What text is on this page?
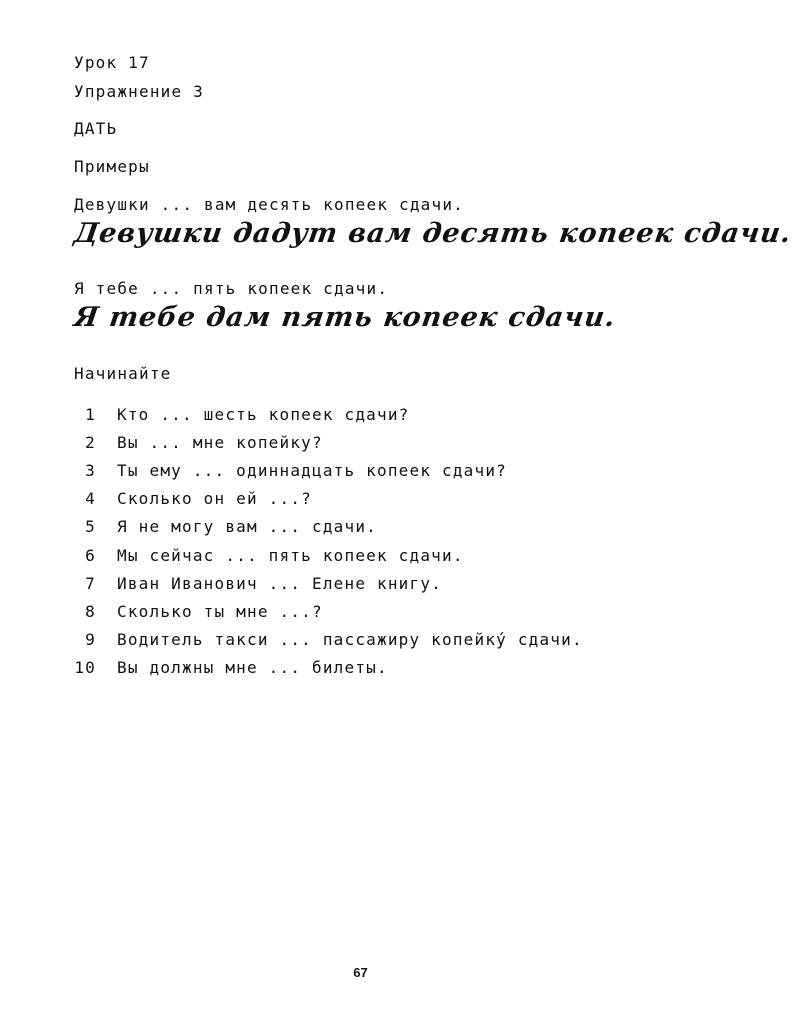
Урок 17
Упражнение 3
ДАТЬ
Примеры
Девушки ... вам десять копеек сдачи.
Девушки дадут вам десять копеек сдачи.
Я тебе ... пять копеек сдачи.
Я тебе дам пять копеек сдачи.
Начинайте
1 Кто ... шесть копеек сдачи?
2 Вы ... мне копейку?
3 Ты ему ... одиннадцать копеек сдачи?
4 Сколько он ей ...?
5 Я не могу вам ... сдачи.
6 Мы сейчас ... пять копеек сдачи.
7 Иван Иванович ... Елене книгу.
8 Сколько ты мне ...?
9 Водитель такси ... пассажиру копейку́ сдачи.
10 Вы должны мне ... билеты.
67
